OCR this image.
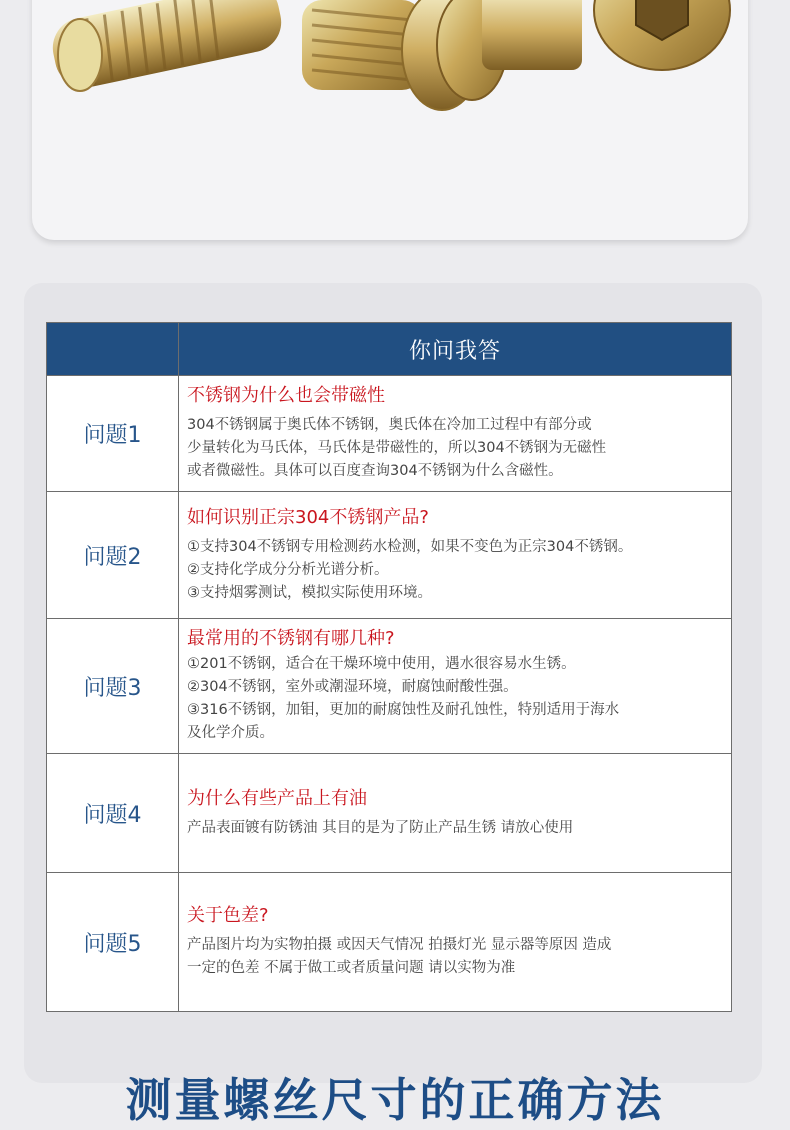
	你问我答
问题1	不锈钢为什么也会带磁性
304不锈钢属于奥氏体不锈钢，奥氏体在冷加工过程中有部分或
少量转化为马氏体，马氏体是带磁性的，所以304不锈钢为无磁性
或者微磁性。具体可以百度查询304不锈钢为什么含磁性。

问题2	如何识别正宗304不锈钢产品?
①支持304不锈钢专用检测药水检测，如果不变色为正宗304不锈钢。
②支持化学成分分析光谱分析。
③支持烟雾测试，模拟实际使用环境。

问题3	最常用的不锈钢有哪几种?
①201不锈钢，适合在干燥环境中使用，遇水很容易水生锈。
②304不锈钢，室外或潮湿环境，耐腐蚀耐酸性强。
③316不锈钢，加钼，更加的耐腐蚀性及耐孔蚀性，特别适用于海水
及化学介质。

问题4	为什么有些产品上有油
产品表面镀有防锈油 其目的是为了防止产品生锈 请放心使用

问题5	关于色差?
产品图片均为实物拍摄 或因天气情况 拍摄灯光 显示器等原因 造成
一定的色差 不属于做工或者质量问题 请以实物为准
测量螺丝尺寸的正确方法
